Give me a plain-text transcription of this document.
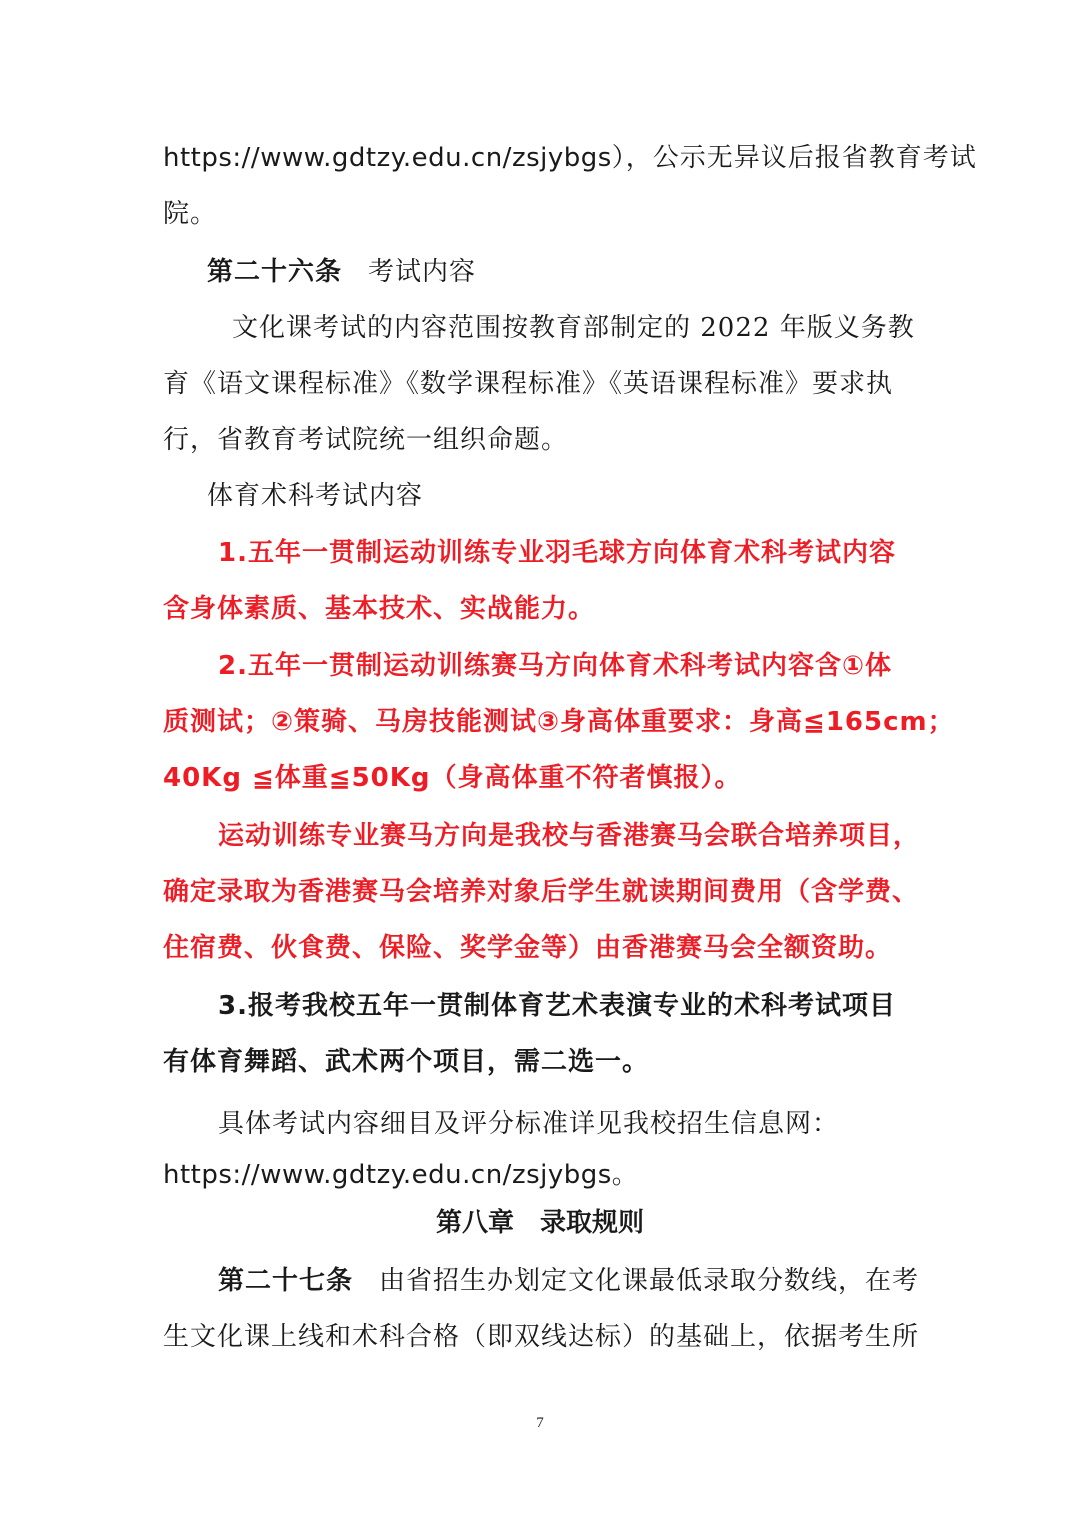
https://www.gdtzy.edu.cn/zsjybgs），公示无异议后报省教育考试
院。
第二十六条 考试内容
文化课考试的内容范围按教育部制定的 2022 年版义务教
育《语文课程标准》《数学课程标准》《英语课程标准》要求执
行，省教育考试院统一组织命题。
体育术科考试内容
1.五年一贯制运动训练专业羽毛球方向体育术科考试内容
含身体素质、基本技术、实战能力。
2.五年一贯制运动训练赛马方向体育术科考试内容含①体
质测试；②策骑、马房技能测试③身高体重要求：身高≦165cm；
40Kg ≦体重≦50Kg（身高体重不符者慎报）。
运动训练专业赛马方向是我校与香港赛马会联合培养项目，
确定录取为香港赛马会培养对象后学生就读期间费用（含学费、
住宿费、伙食费、保险、奖学金等）由香港赛马会全额资助。
3.报考我校五年一贯制体育艺术表演专业的术科考试项目
有体育舞蹈、武术两个项目，需二选一。
具体考试内容细目及评分标准详见我校招生信息网：
https://www.gdtzy.edu.cn/zsjybgs。
第八章　录取规则
第二十七条 由省招生办划定文化课最低录取分数线，在考
生文化课上线和术科合格（即双线达标）的基础上，依据考生所
7
